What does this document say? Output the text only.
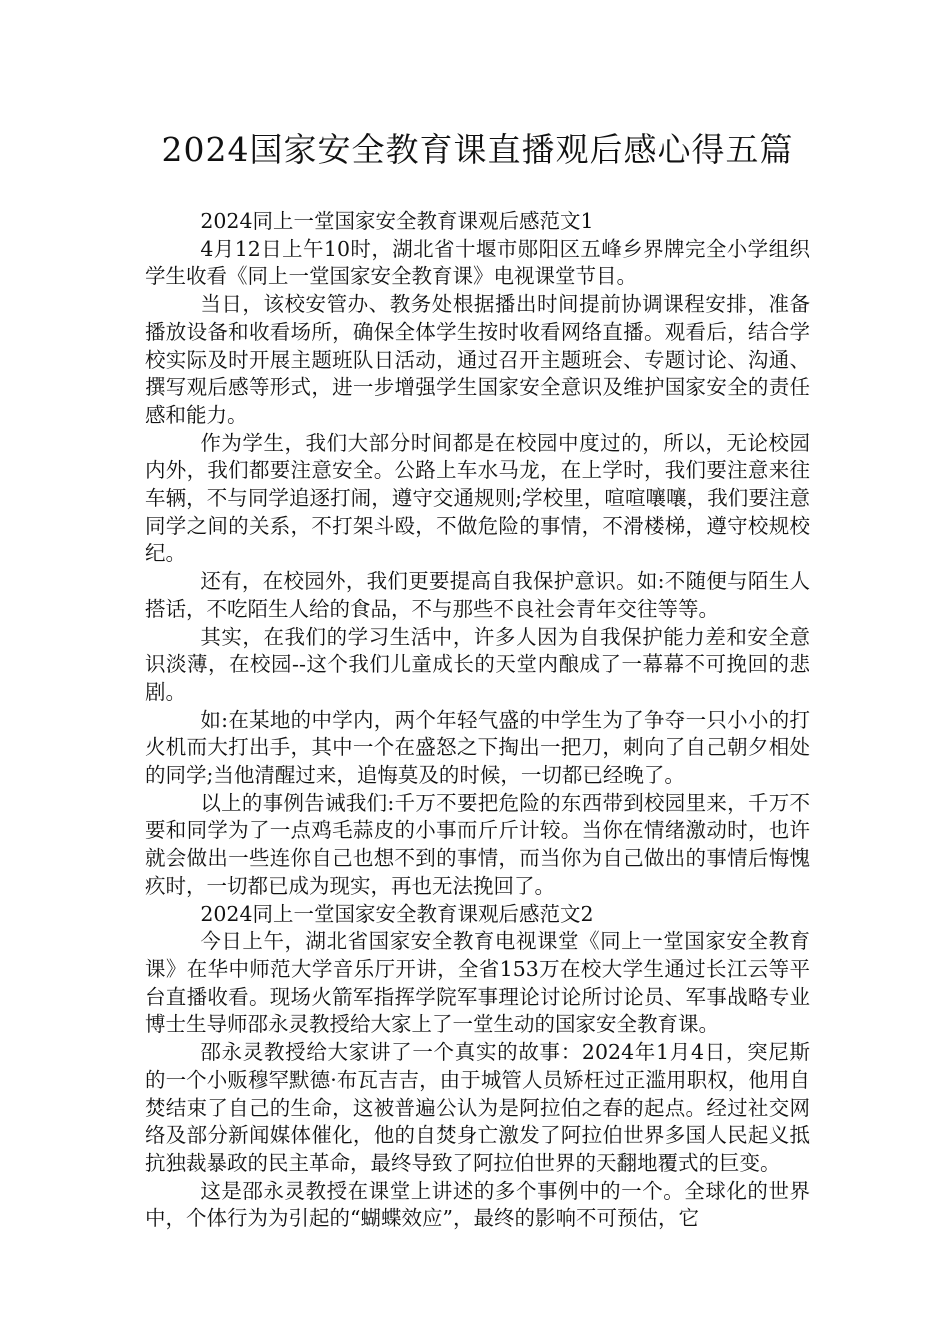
2024国家安全教育课直播观后感心得五篇

2024同上一堂国家安全教育课观后感范文1

4月12日上午10时，湖北省十堰市郧阳区五峰乡界牌完全小学组织学生收看《同上一堂国家安全教育课》电视课堂节目。

当日，该校安管办、教务处根据播出时间提前协调课程安排，准备播放设备和收看场所，确保全体学生按时收看网络直播。观看后，结合学校实际及时开展主题班队日活动，通过召开主题班会、专题讨论、沟通、撰写观后感等形式，进一步增强学生国家安全意识及维护国家安全的责任感和能力。

作为学生，我们大部分时间都是在校园中度过的，所以，无论校园内外，我们都要注意安全。公路上车水马龙，在上学时，我们要注意来往车辆，不与同学追逐打闹，遵守交通规则;学校里，喧喧嚷嚷，我们要注意同学之间的关系，不打架斗殴，不做危险的事情，不滑楼梯，遵守校规校纪。

还有，在校园外，我们更要提高自我保护意识。如:不随便与陌生人搭话，不吃陌生人给的食品，不与那些不良社会青年交往等等。

其实，在我们的学习生活中，许多人因为自我保护能力差和安全意识淡薄，在校园--这个我们儿童成长的天堂内酿成了一幕幕不可挽回的悲剧。

如:在某地的中学内，两个年轻气盛的中学生为了争夺一只小小的打火机而大打出手，其中一个在盛怒之下掏出一把刀，刺向了自己朝夕相处的同学;当他清醒过来，追悔莫及的时候，一切都已经晚了。

以上的事例告诫我们:千万不要把危险的东西带到校园里来，千万不要和同学为了一点鸡毛蒜皮的小事而斤斤计较。当你在情绪激动时，也许就会做出一些连你自己也想不到的事情，而当你为自己做出的事情后悔愧疚时，一切都已成为现实，再也无法挽回了。

2024同上一堂国家安全教育课观后感范文2

今日上午，湖北省国家安全教育电视课堂《同上一堂国家安全教育课》在华中师范大学音乐厅开讲，全省153万在校大学生通过长江云等平台直播收看。现场火箭军指挥学院军事理论讨论所讨论员、军事战略专业博士生导师邵永灵教授给大家上了一堂生动的国家安全教育课。

邵永灵教授给大家讲了一个真实的故事：2024年1月4日，突尼斯的一个小贩穆罕默德·布瓦吉吉，由于城管人员矫枉过正滥用职权，他用自焚结束了自己的生命，这被普遍公认为是阿拉伯之春的起点。经过社交网络及部分新闻媒体催化，他的自焚身亡激发了阿拉伯世界多国人民起义抵抗独裁暴政的民主革命，最终导致了阿拉伯世界的天翻地覆式的巨变。

这是邵永灵教授在课堂上讲述的多个事例中的一个。全球化的世界中，个体行为为引起的“蝴蝶效应”，最终的影响不可预估，它
